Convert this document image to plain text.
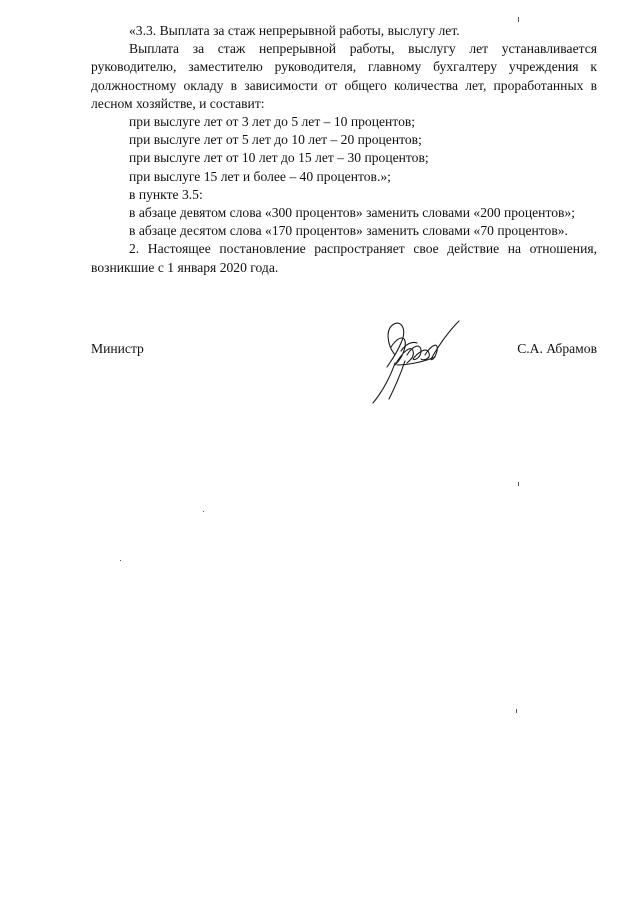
«3.3. Выплата за стаж непрерывной работы, выслугу лет.

Выплата за стаж непрерывной работы, выслугу лет устанавливается руководителю, заместителю руководителя, главному бухгалтеру учреждения к должностному окладу в зависимости от общего количества лет, проработанных в лесном хозяйстве, и составит:

при выслуге лет от 3 лет до 5 лет – 10 процентов;

при выслуге лет от 5 лет до 10 лет – 20 процентов;

при выслуге лет от 10 лет до 15 лет – 30 процентов;

при выслуге 15 лет и более – 40 процентов.»;

в пункте 3.5:

в абзаце девятом слова «300 процентов» заменить словами «200 процентов»;

в абзаце десятом слова «170 процентов» заменить словами «70 процентов».

2. Настоящее постановление распространяет свое действие на отношения, возникшие с 1 января 2020 года.

Министр	С.А. Абрамов
